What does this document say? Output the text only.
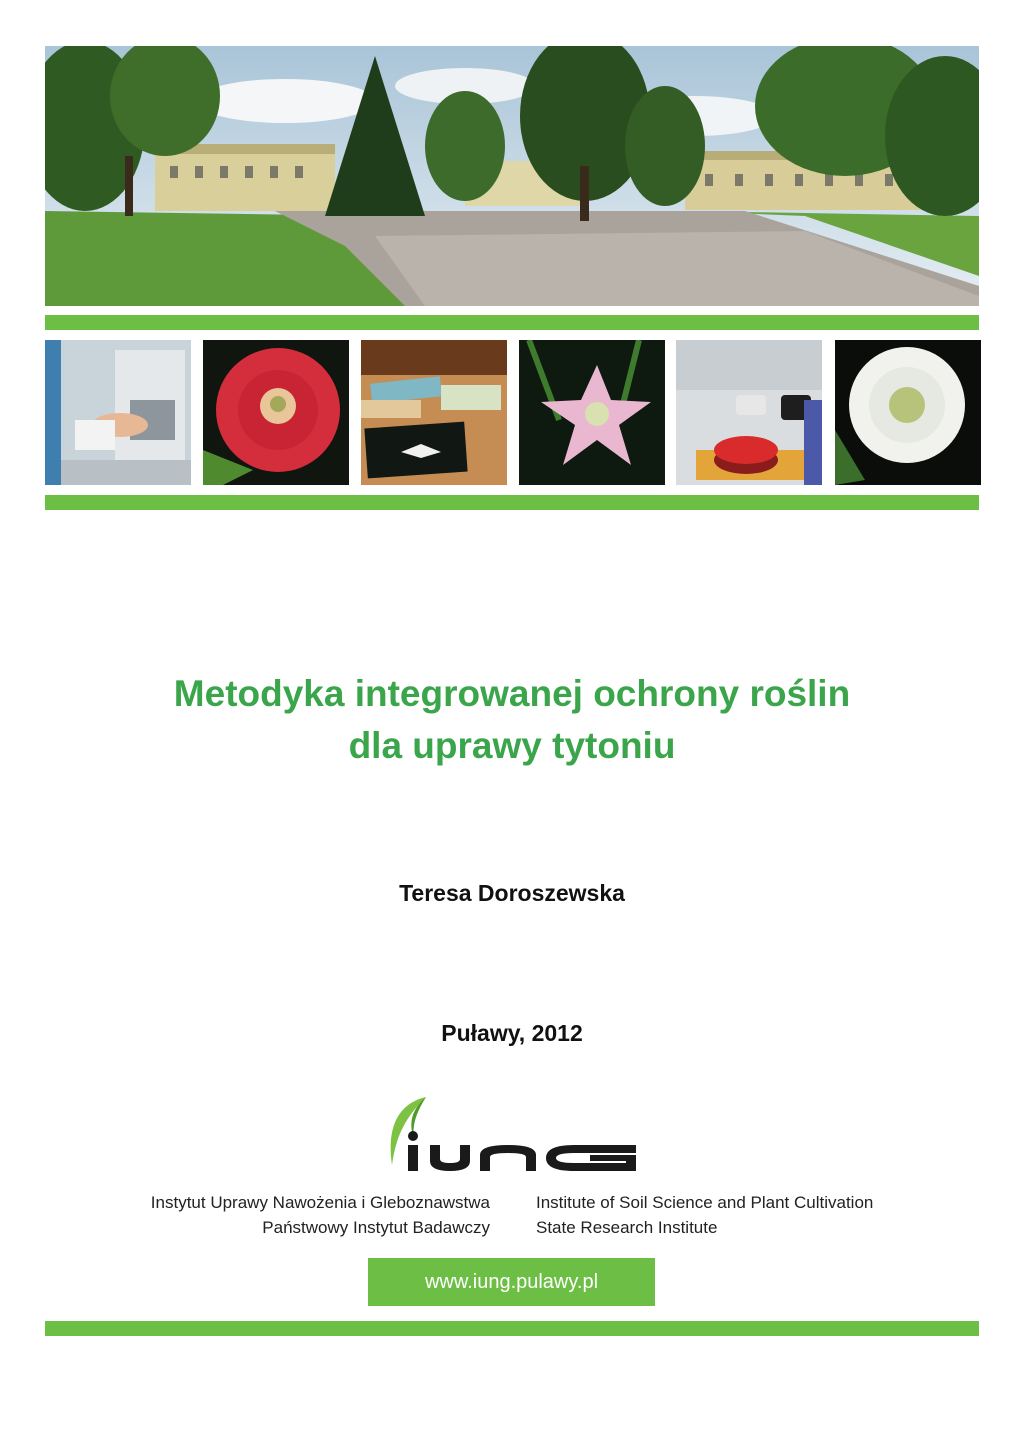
Metodyka integrowanej ochrony roślin
dla uprawy tytoniu
Teresa Doroszewska
Puławy, 2012
Instytut Uprawy Nawożenia i Gleboznawstwa
Państwowy Instytut Badawczy
Institute of Soil Science and Plant Cultivation
State Research Institute
www.iung.pulawy.pl
